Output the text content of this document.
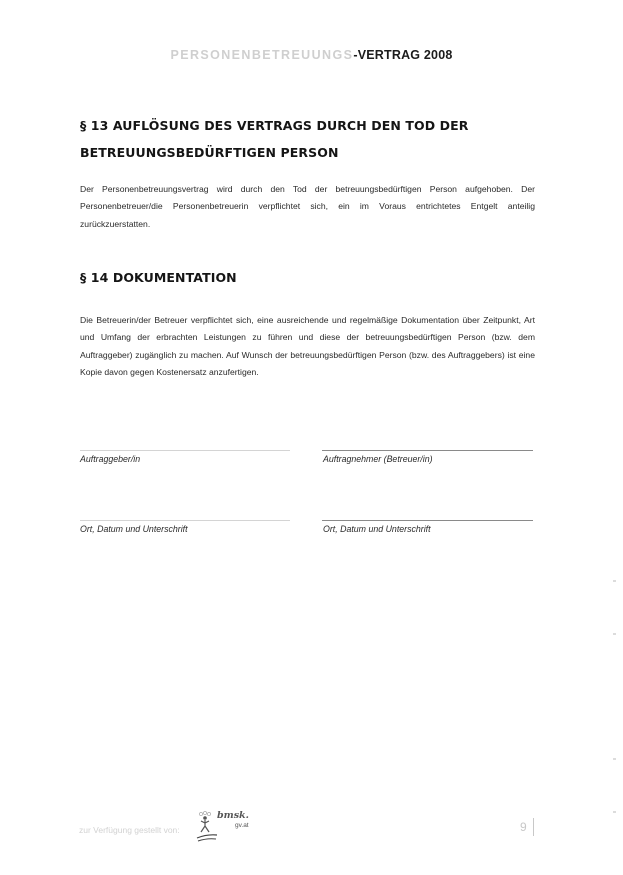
PERSONENBETREUUNGS-VERTRAG 2008
§ 13 AUFLÖSUNG DES VERTRAGS DURCH DEN TOD DER
BETREUUNGSBEDÜRFTIGEN PERSON
Der Personenbetreuungsvertrag wird durch den Tod der betreuungsbedürftigen Person aufgehoben. Der Personenbetreuer/die Personenbetreuerin verpflichtet sich, ein im Voraus entrichtetes Entgelt anteilig zurückzuerstatten.
§ 14 DOKUMENTATION
Die Betreuerin/der Betreuer verpflichtet sich, eine ausreichende und regelmäßige Dokumentation über Zeitpunkt, Art und Umfang der erbrachten Leistungen zu führen und diese der betreuungsbedürftigen Person (bzw. dem Auftraggeber) zugänglich zu machen. Auf Wunsch der betreuungsbedürftigen Person (bzw. des Auftraggebers) ist eine Kopie davon gegen Kostenersatz anzufertigen.
Auftraggeber/in	Auftragnehmer (Betreuer/in)
Ort, Datum und Unterschrift	Ort, Datum und Unterschrift
zur Verfügung gestellt von:
bmsk.
gv.at	9
